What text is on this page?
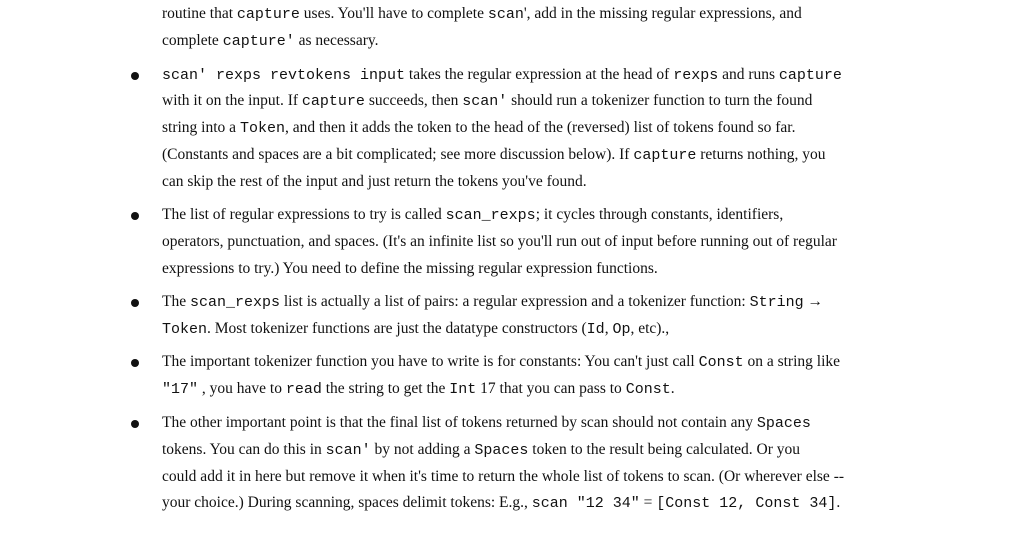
routine that capture uses. You'll have to complete scan', add in the missing regular expressions, and
complete capture' as necessary.
scan' rexps revtokens input takes the regular expression at the head of rexps and runs capture
with it on the input. If capture succeeds, then scan' should run a tokenizer function to turn the found
string into a Token, and then it adds the token to the head of the (reversed) list of tokens found so far.
(Constants and spaces are a bit complicated; see more discussion below). If capture returns nothing, you
can skip the rest of the input and just return the tokens you've found.
The list of regular expressions to try is called scan_rexps; it cycles through constants, identifiers,
operators, punctuation, and spaces. (It's an infinite list so you'll run out of input before running out of regular
expressions to try.) You need to define the missing regular expression functions.
The scan_rexps list is actually a list of pairs: a regular expression and a tokenizer function: String →
Token. Most tokenizer functions are just the datatype constructors (Id, Op, etc).,
The important tokenizer function you have to write is for constants: You can't just call Const on a string like
"17" , you have to read the string to get the Int 17 that you can pass to Const.
The other important point is that the final list of tokens returned by scan should not contain any Spaces
tokens. You can do this in scan' by not adding a Spaces token to the result being calculated. Or you
could add it in here but remove it when it's time to return the whole list of tokens to scan. (Or wherever else --
your choice.) During scanning, spaces delimit tokens: E.g., scan "12 34" = [Const 12, Const 34].
